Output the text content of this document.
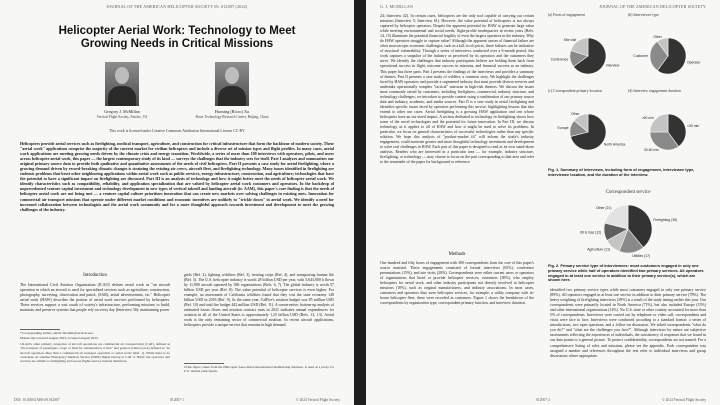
JOURNAL OF THE AMERICAN HELICOPTER SOCIETY 69, 012007 (2024)
Helicopter Aerial Work: Technology to Meet Growing Needs in Critical Missions
Gregory J. McMillan
Vertical Flight Society, Fairfax, VA
Haoxing (Ricco) Xu
Rotor Technology Research Center, Beijing, China
This work is licensed under Creative Commons Attribution International License CC-BY
Helicopters provide aerial services such as firefighting, medical transport, agriculture, and construction for critical infrastructure that form the backbone of modern society. These "aerial work" applications comprise the majority of the current market for civilian helicopters and include a diverse set of mission types and flight profiles. In many cases, aerial work applications are meeting growing needs driven by the climate crisis and energy transition. Worldwide, a series of more than 100 interviews with operators, pilots, and users across helicopter aerial work, this paper — the largest contemporary study of its kind — surveys the challenges that the industry sees for itself. Part I analyzes and summarizes our original primary source data to provide both qualitative and quantitative assessments of the needs of civil helicopters. Part II presents a case study for aerial firefighting, where a growing demand driven by record-breaking climatic changes is straining the existing air crews, aircraft fleet, and firefighting technology. Many issues identified in firefighting are endemic problems that beset other neighboring applications within aerial work such as public services, energy infrastructure, construction, and agriculture; technologies that have the potential to have a significant impact on firefighting are discussed. Part III is an analysis of technology and how it might better meet the needs of helicopter aerial work. We identify characteristics such as compatibility, reliability, and application specialization that are valued by helicopter aerial work customers and operators. In the backdrop of unprecedented venture capital investment and technology development in new types of vertical takeoff and landing aircraft (ie. AAM), this paper's core finding is that the needs of helicopter aerial work are not being met — a venture capital culture prioritizes innovation that can create new markets over solving challenges in existing ones. Innovation for commercial air transport missions that operate under different market conditions and economic incentives are unlikely to "trickle down" to aerial work. We identify a need for increased collaboration between technologists and the aerial work community and for a more thoughtful approach towards investment and development to meet the growing challenges of the industry.
Introduction
The International Civil Aviation Organization (ICAO) defines aerial work as "an aircraft operation in which an aircraft is used for specialized services such as agriculture, construction, photography, surveying, observation and patrol, (SAR), aerial advertisement, etc." Helicopter aerial work (HAW) describes the portion of aerial work services performed by helicopters. These services support a vast swath of society's infrastructure, performing missions to build, maintain, and preserve systems that people rely on every day (Interview 56): maintaining power
grids (Ref. 2), fighting wildfires (Ref. 3), treating crops (Ref. 4), and transporting human life (Ref. 5). The U.S. helicopter industry is worth 28 billion USD per year, with 5,643,000 h flown by 11,900 aircraft operated by 386 organizations (Refs. 6, 7). The global industry is worth 57 billion USD per year (Ref. 8). The value potential of helicopter services is even higher. For example, an assessment of California wildfires found that they cost the state economy 148 billion USD in 2018 (Ref. 9). In the same year, CalFire's aviation budget was 85 million USD (Ref. 10) and total fire budget 442 million USD (Ref. 11). A conservative, bottom-up analysis of estimated losses flown and aviation contract rates in 2021 indicates annual expenditures for aviation in all of the United States is approximately 1.25 billion USD (Refs. 12, 13). Aerial work is the only remaining sector of commercial aviation. In recent aircraft applications, helicopters provide a unique service that remains in high demand.
*Corresponding author; email: fmcmill@vertical.aero.
Manuscript received August 2023; accepted August 2023.
1ICAO's other primary categories of aircraft operations are commercial air transportation (CAT), defined as "the transport of passengers, cargo or mail for remuneration or hire" and general aviation (GA) defined as "an aircraft operation other than a commercial air transport operation or aerial work" (Ref. 1). While there is no consensus on whether Emergency Medical Service (EMS) flights belong to CAT or HAW, the operators and services are similar to firefighting and rescue flights and we include them here.
2This figure, taken from the Helicopter Association International membership database, is used as a proxy for U.S. market participants.
DOI: 10.4050/JAHS.69.012007	012007-1	© 2024 Vertical Flight Society
G. J. MCMILLAN	JOURNAL OF THE AMERICAN HELICOPTER SOCIETY
24; Interview 42). In certain cases, helicopters are the only tool capable of carrying out certain missions (Interview 5; Interview 61). However, the value potential of helicopters is not always captured by helicopter operators. Despite the apparent potential for HAW to generate large value while meeting environmental and social needs, flight-profile inadequacies in recent years (Refs. 14, 15) illuminate the potential financial fragility of even the largest operators in the industry. Why do HAW operators struggle to capture value? Although the apparent causes of financial failure are often macroscopic economic challenges, such as a lull in oil prices, these failures can be indicative of structural vulnerability. Through a series of interviews conducted over a 6-month period, this work captures a snapshot of the industry as perceived by its operators and the customers they serve. We identify the challenges that industry participants believe are holding them back from operational success in flight, outcome success in missions, and financial success as an industry. This paper has three parts. Part I presents the findings of the interviews and provides a summary of themes. Part II presents a case study of wildfire, a common story. We highlight the challenges faced by HAW operators and provide a segmented industry that must provide diverse services and undertake operationally complex "tactical" missions in high-risk theaters. We discuss the issues most commonly raised by customers, including firefighters, commercial, industry structure, and technology challenges; we introduce to provide context using a combination of our primary source data and industry, academic, and media sources. Part II is a case study in aerial firefighting and identifies specific issues faced by operators performing this service, highlighting lessons that also extend to other use cases. Aerial firefighting is a growing HAW application and one whose helicopters have an out-sized impact. A section dedicated to technology in firefighting shows how some of the novel technologies and the potential for future innovation. In Part III, we discuss technology as it applies to all of HAW and how it might be used to solve its problems. In particular, we focus on general characteristics of successful technologies rather than any specific solution. We hope this analysis of "product-market fit" will inform the study's industry engagement, could motivate greater and more thoughtful technology investment and development to solve real challenges in HAW. Each part of this paper is designed to read as its own stand-alone analysis. Readers who are interested in a particular area — for example, industry structure, firefighting, or technology — may choose to focus on the part corresponding to that area and refer to the remainder of the paper for background or reference.
Methods
One hundred and fifty hours of engagement with 300 correspondents from the core of this paper's source material. These engagements consisted of formal interviews (65%), conference presentations (15%), and site visits (20%). Correspondents were either current users or operators of organizations that hired or provide helicopter services, customers (30%), who employ helicopters for aerial work, and other industry participants not directly involved in helicopter missions (10%), such as original manufacturers, and industry associations. In most cases, customers and operators thus were helicopter services, for example, a utility company with in-house helicopter fleet, these were recorded as customers. Figure 1 shows the breakdown of the correspondents by organization type, correspondent primary function, and interview duration.
Interview
Conference
Site visit
Operator
Customer
Other
North America
Europe
Other
<30 min
30-60 min
>60 min
(a) Form of engagement	(b) Interviewee type
(c) Correspondent primary location	(d) Interview engagement duration
Fig. 1. Summary of interviews, including form of engagement, interviewee type, interviewee location, and the duration of the interview.
Correspondent service
Firefighting (39)
Utilities (17)
Agriculture (11)
Oil & Gas (12)
Other (21)
Fig. 2. Primary service type of interviewees: most customers engaged in only one primary service while half of operators identified two primary services. All operators engaged in at least one service in addition to their primary service(s), which are shown here.
identified two primary service types while most customers engaged in only one primary service (89%). All operators engaged in at least one service in addition to their primary service (78%). The heavy weighting of firefighting interviews (39%) is a result of the study timing earlier this year. Our correspondents were primarily located in North America (71%), but also included Europe (15%) and other international organizations (14%). No U.S. state or other country accounted for more than 5% of correspondents. Interviews were carried out by telephone or video call; correspondents and visits were face to face. Interviews were conducted according to a standard format: a series of introductions, two open questions, and a follow-on discussion. We asked correspondents "what do you do?" and "what are the challenges you face?". Although interviews by nature are subjective assessments reflecting the experiences of individuals, the consistency of responses that we found in our data points to a general picture. To protect confidentiality, correspondents are not named. For a comprehensive listing of roles and missions, please see the appendix. Each correspondent was assigned a number and references throughout the text refer to individual interviews and group discussions where appropriate.
012007-2	© 2024 Vertical Flight Society
